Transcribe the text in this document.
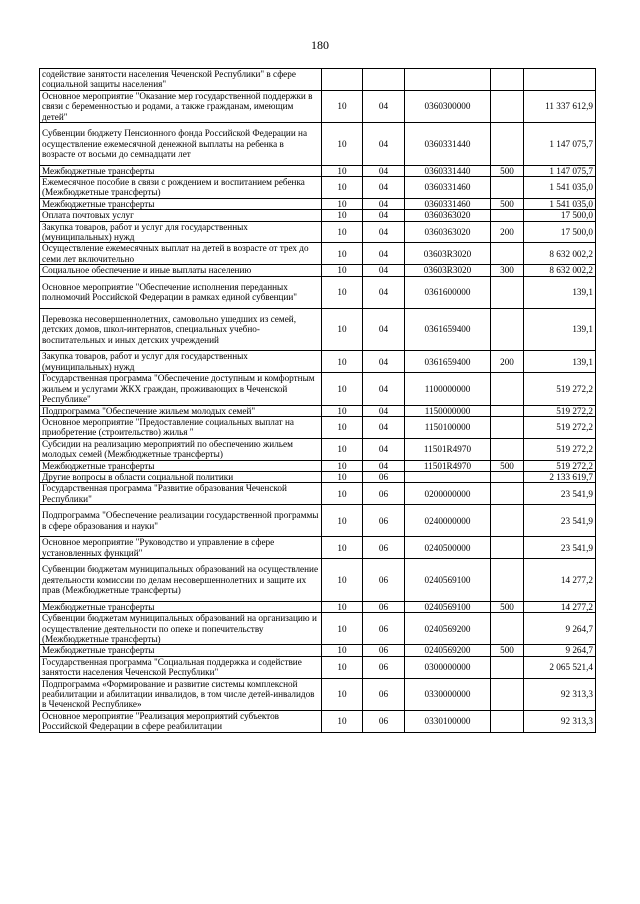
180
содействие занятости населения Чеченской Республики" в сфере социальной защиты населения"					
Основное мероприятие "Оказание мер государственной поддержки в связи с беременностью и родами, а также гражданам, имеющим детей"	10	04	0360300000		11 337 612,9
Субвенции бюджету Пенсионного фонда Российской Федерации на осуществление ежемесячной денежной выплаты на ребенка в возрасте от восьми до семнадцати лет	10	04	0360331440		1 147 075,7
Межбюджетные трансферты	10	04	0360331440	500	1 147 075,7
Ежемесячное пособие в связи с рождением и воспитанием ребенка (Межбюджетные трансферты)	10	04	0360331460		1 541 035,0
Межбюджетные трансферты	10	04	0360331460	500	1 541 035,0
Оплата почтовых услуг	10	04	0360363020		17 500,0
Закупка товаров, работ и услуг для государственных (муниципальных) нужд	10	04	0360363020	200	17 500,0
Осуществление ежемесячных выплат на детей в возрасте от трех до семи лет включительно	10	04	03603R3020		8 632 002,2
Социальное обеспечение и иные выплаты населению	10	04	03603R3020	300	8 632 002,2
Основное мероприятие "Обеспечение исполнения переданных полномочий Российской Федерации в рамках единой субвенции"	10	04	0361600000		139,1
Перевозка несовершеннолетних, самовольно ушедших из семей, детских домов, школ-интернатов, специальных учебно-воспитательных и иных детских учреждений	10	04	0361659400		139,1
Закупка товаров, работ и услуг для государственных (муниципальных) нужд	10	04	0361659400	200	139,1
Государственная программа "Обеспечение доступным и комфортным жильем и услугами ЖКХ граждан, проживающих в Чеченской Республике"	10	04	1100000000		519 272,2
Подпрограмма "Обеспечение жильем молодых семей"	10	04	1150000000		519 272,2
Основное мероприятие "Предоставление социальных выплат на приобретение (строительство) жилья "	10	04	1150100000		519 272,2
Субсидии на реализацию мероприятий по обеспечению жильем молодых семей (Межбюджетные трансферты)	10	04	11501R4970		519 272,2
Межбюджетные трансферты	10	04	11501R4970	500	519 272,2
Другие вопросы в области социальной политики	10	06			2 133 619,7
Государственная программа "Развитие образования Чеченской Республики"	10	06	0200000000		23 541,9
Подпрограмма "Обеспечение реализации государственной программы в сфере образования и науки"	10	06	0240000000		23 541,9
Основное мероприятие "Руководство и управление в сфере установленных функций"	10	06	0240500000		23 541,9
Субвенции бюджетам муниципальных образований на осуществление деятельности комиссии по делам несовершеннолетних и защите их прав (Межбюджетные трансферты)	10	06	0240569100		14 277,2
Межбюджетные трансферты	10	06	0240569100	500	14 277,2
Субвенции бюджетам муниципальных образований на организацию и осуществление деятельности по опеке и попечительству (Межбюджетные трансферты)	10	06	0240569200		9 264,7
Межбюджетные трансферты	10	06	0240569200	500	9 264,7
Государственная программа "Социальная поддержка и содействие занятости населения Чеченской Республики"	10	06	0300000000		2 065 521,4
Подпрограмма «Формирование и развитие системы комплексной реабилитации и абилитации инвалидов, в том числе детей-инвалидов в Чеченской Республике»	10	06	0330000000		92 313,3
Основное мероприятие "Реализация мероприятий субъектов Российской Федерации в сфере реабилитации	10	06	0330100000		92 313,3
